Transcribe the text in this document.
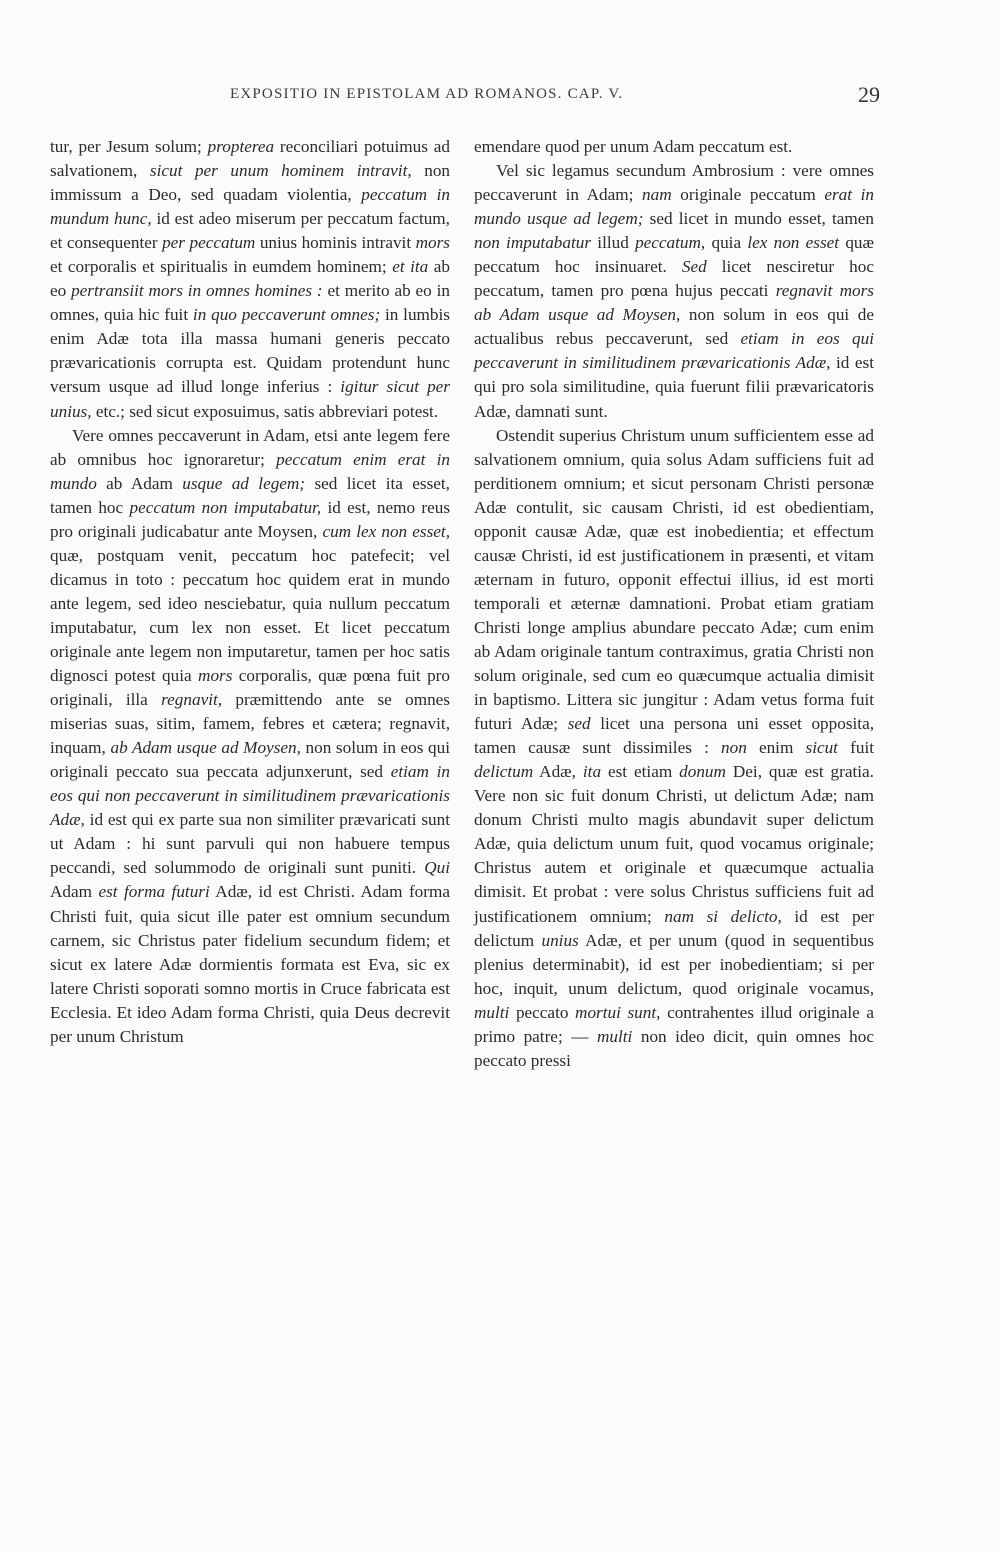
EXPOSITIO IN EPISTOLAM AD ROMANOS. CAP. V.	29

tur, per Jesum solum; propterea reconciliari potuimus ad salvationem, sicut per unum hominem intravit, non immissum a Deo, sed quadam violentia, peccatum in mundum hunc, id est adeo miserum per peccatum factum, et consequenter per peccatum unius hominis intravit mors et corporalis et spiritualis in eumdem hominem; et ita ab eo pertransiit mors in omnes homines : et merito ab eo in omnes, quia hic fuit in quo peccaverunt omnes; in lumbis enim Adæ tota illa massa humani generis peccato prævaricationis corrupta est. Quidam protendunt hunc versum usque ad illud longe inferius : igitur sicut per unius, etc.; sed sicut exposuimus, satis abbreviari potest.

Vere omnes peccaverunt in Adam, etsi ante legem fere ab omnibus hoc ignoraretur; peccatum enim erat in mundo ab Adam usque ad legem; sed licet ita esset, tamen hoc peccatum non imputabatur, id est, nemo reus pro originali judicabatur ante Moysen, cum lex non esset, quæ, postquam venit, peccatum hoc patefecit; vel dicamus in toto : peccatum hoc quidem erat in mundo ante legem, sed ideo nesciebatur, quia nullum peccatum imputabatur, cum lex non esset. Et licet peccatum originale ante legem non imputaretur, tamen per hoc satis dignosci potest quia mors corporalis, quæ pœna fuit pro originali, illa regnavit, præmittendo ante se omnes miserias suas, sitim, famem, febres et cætera; regnavit, inquam, ab Adam usque ad Moysen, non solum in eos qui originali peccato sua peccata adjunxerunt, sed etiam in eos qui non peccaverunt in similitudinem prævaricationis Adæ, id est qui ex parte sua non similiter prævaricati sunt ut Adam : hi sunt parvuli qui non habuere tempus peccandi, sed solummodo de originali sunt puniti. Qui Adam est forma futuri Adæ, id est Christi. Adam forma Christi fuit, quia sicut ille pater est omnium secundum carnem, sic Christus pater fidelium secundum fidem; et sicut ex latere Adæ dormientis formata est Eva, sic ex latere Christi soporati somno mortis in Cruce fabricata est Ecclesia. Et ideo Adam forma Christi, quia Deus decrevit per unum Christum

emendare quod per unum Adam peccatum est.

Vel sic legamus secundum Ambrosium : vere omnes peccaverunt in Adam; nam originale peccatum erat in mundo usque ad legem; sed licet in mundo esset, tamen non imputabatur illud peccatum, quia lex non esset quæ peccatum hoc insinuaret. Sed licet nesciretur hoc peccatum, tamen pro pœna hujus peccati regnavit mors ab Adam usque ad Moysen, non solum in eos qui de actualibus rebus peccaverunt, sed etiam in eos qui peccaverunt in similitudinem prævaricationis Adæ, id est qui pro sola similitudine, quia fuerunt filii prævaricatoris Adæ, damnati sunt.

Ostendit superius Christum unum sufficientem esse ad salvationem omnium, quia solus Adam sufficiens fuit ad perditionem omnium; et sicut personam Christi personæ Adæ contulit, sic causam Christi, id est obedientiam, opponit causæ Adæ, quæ est inobedientia; et effectum causæ Christi, id est justificationem in præsenti, et vitam æternam in futuro, opponit effectui illius, id est morti temporali et æternæ damnationi. Probat etiam gratiam Christi longe amplius abundare peccato Adæ; cum enim ab Adam originale tantum contraximus, gratia Christi non solum originale, sed cum eo quæcumque actualia dimisit in baptismo. Littera sic jungitur : Adam vetus forma fuit futuri Adæ; sed licet una persona uni esset opposita, tamen causæ sunt dissimiles : non enim sicut fuit delictum Adæ, ita est etiam donum Dei, quæ est gratia. Vere non sic fuit donum Christi, ut delictum Adæ; nam donum Christi multo magis abundavit super delictum Adæ, quia delictum unum fuit, quod vocamus originale; Christus autem et originale et quæcumque actualia dimisit. Et probat : vere solus Christus sufficiens fuit ad justificationem omnium; nam si delicto, id est per delictum unius Adæ, et per unum (quod in sequentibus plenius determinabit), id est per inobedientiam; si per hoc, inquit, unum delictum, quod originale vocamus, multi peccato mortui sunt, contrahentes illud originale a primo patre; — multi non ideo dicit, quin omnes hoc peccato pressi
